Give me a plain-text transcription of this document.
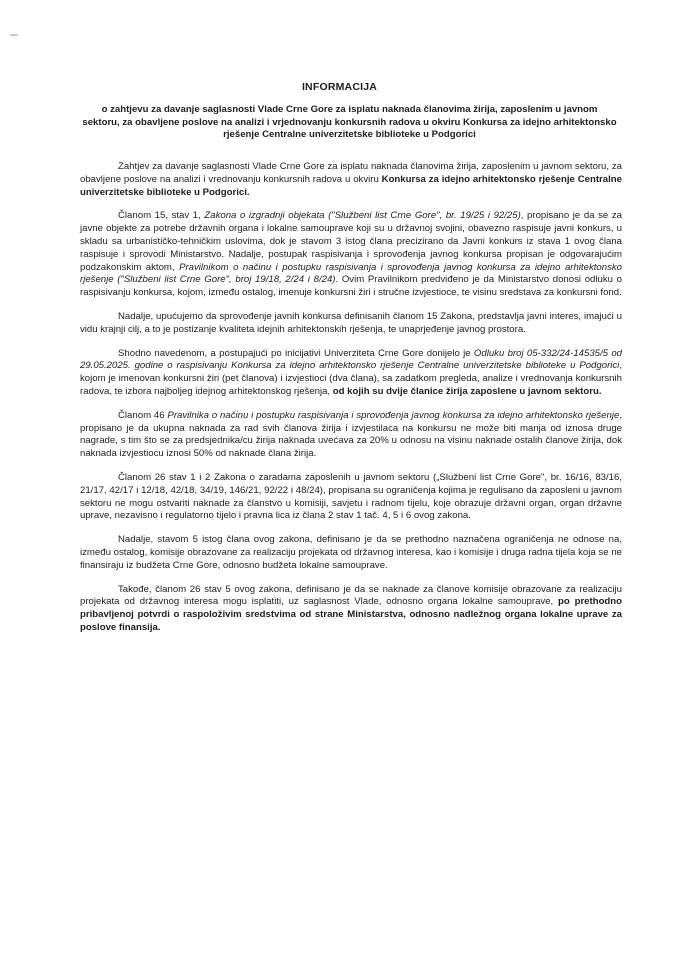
INFORMACIJA
o zahtjevu za davanje saglasnosti Vlade Crne Gore za isplatu naknada članovima žirija, zaposlenim u javnom sektoru, za obavljene poslove na analizi i vrjednovanju konkursnih radova u okviru Konkursa za idejno arhitektonsko rješenje Centralne univerzitetske biblioteke u Podgorici

Zahtjev za davanje saglasnosti Vlade Crne Gore za isplatu naknada članovima žirija, zaposlenim u javnom sektoru, za obavljene poslove na analizi i vrednovanju konkursnih radova u okviru Konkursa za idejno arhitektonsko rješenje Centralne univerzitetske biblioteke u Podgorici.

Članom 15, stav 1, Zakona o izgradnji objekata ("Službeni list Crne Gore", br. 19/25 i 92/25), propisano je da se za javne objekte za potrebe državnih organa i lokalne samouprave koji su u državnoj svojini, obavezno raspisuje javni konkurs, u skladu sa urbanističko-tehničkim uslovima, dok je stavom 3 istog člana precizirano da Javni konkurs iz stava 1 ovog člana raspisuje i sprovodi Ministarstvo. Nadalje, postupak raspisivanja i sprovođenja javnog konkursa propisan je odgovarajućim podzakonskim aktom, Pravilnikom o načinu i postupku raspisivanja i sprovođenja javnog konkursa za idejno arhitektonsko rješenje ("Službeni list Crne Gore", broj 19/18, 2/24 i 8/24). Ovim Pravilnikom predviđeno je da Ministarstvo donosi odluku o raspisivanju konkursa, kojom, između ostalog, imenuje konkursni žiri i stručne izvjestioce, te visinu sredstava za konkursni fond.

Nadalje, upućujemo da sprovođenje javnih konkursa definisanih članom 15 Zakona, predstavlja javni interes, imajući u vidu krajnji cilj, a to je postizanje kvaliteta idejnih arhitektonskih rješenja, te unaprjeđenje javnog prostora.

Shodno navedenom, a postupajući po inicijativi Univerziteta Crne Gore donijelo je Odluku broj 05-332/24-14535/5 od 29.05.2025. godine o raspisivanju Konkursa za idejno arhitektonsko rješenje Centralne univerzitetske biblioteke u Podgorici, kojom je imenovan konkursni žiri (pet članova) i izvjestioci (dva člana), sa zadatkom pregleda, analize i vrednovanja konkursnih radova, te izbora najboljeg idejnog arhitektonskog rješenja, od kojih su dvije članice žirija zaposlene u javnom sektoru.

Članom 46 Pravilnika o načinu i postupku raspisivanja i sprovođenja javnog konkursa za idejno arhitektonsko rješenje, propisano je da ukupna naknada za rad svih članova žirija i izvjestilaca na konkursu ne može biti manja od iznosa druge nagrade, s tim što se za predsjednika/cu žirija naknada uvećava za 20% u odnosu na visinu naknade ostalih članove žirija, dok naknada izvjestiocu iznosi 50% od naknade člana žirija.

Članom 26 stav 1 i 2 Zakona o zaradama zaposlenih u javnom sektoru („Službeni list Crne Gore", br. 16/16, 83/16, 21/17, 42/17 i 12/18, 42/18, 34/19, 146/21, 92/22 i 48/24), propisana su ograničenja kojima je regulisano da zaposleni u javnom sektoru ne mogu ostvariti naknade za članstvo u komisiji, savjetu i radnom tijelu, koje obrazuje državni organ, organ državne uprave, nezavisno i regulatorno tijelo i pravna lica iz člana 2 stav 1 tač. 4, 5 i 6 ovog zakona.

Nadalje, stavom 5 istog člana ovog zakona, definisano je da se prethodno naznačena ograničenja ne odnose na, između ostalog, komisije obrazovane za realizaciju projekata od državnog interesa, kao i komisije i druga radna tijela koja se ne finansiraju iz budžeta Crne Gore, odnosno budžeta lokalne samouprave.

Takođe, članom 26 stav 5 ovog zakona, definisano je da se naknade za članove komisije obrazovane za realizaciju projekata od državnog interesa mogu isplatiti, uz saglasnost Vlade, odnosno organa lokalne samouprave, po prethodno pribavljenoj potvrdi o raspoloživim sredstvima od strane Ministarstva, odnosno nadležnog organa lokalne uprave za poslove finansija.
